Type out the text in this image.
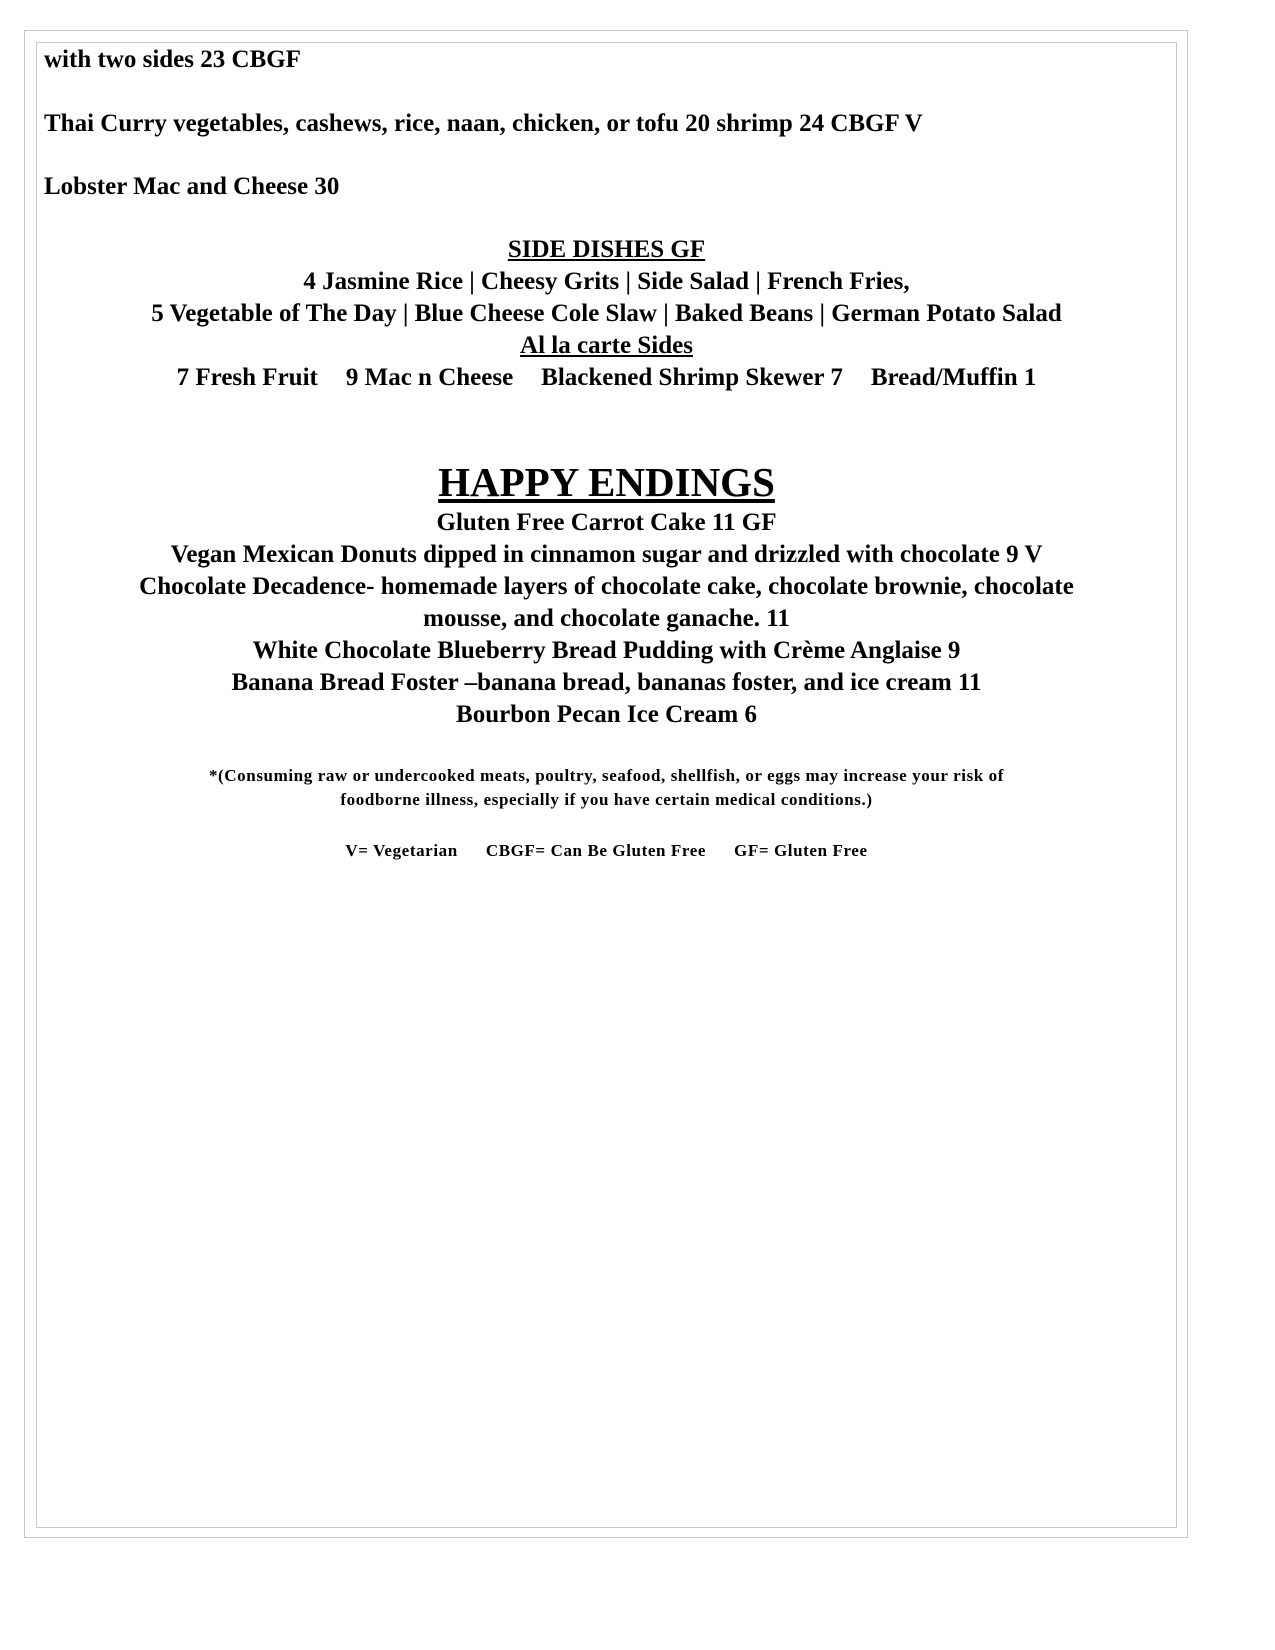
with two sides 23 CBGF
Thai Curry vegetables, cashews, rice, naan, chicken, or tofu 20 shrimp 24 CBGF V
Lobster Mac and Cheese 30
SIDE DISHES GF
4 Jasmine Rice | Cheesy Grits | Side Salad | French Fries,
5 Vegetable of The Day | Blue Cheese Cole Slaw | Baked Beans | German Potato Salad
Al la carte Sides
7 Fresh Fruit 9 Mac n Cheese Blackened Shrimp Skewer 7 Bread/Muffin 1
HAPPY ENDINGS
Gluten Free Carrot Cake 11 GF
Vegan Mexican Donuts dipped in cinnamon sugar and drizzled with chocolate 9 V
Chocolate Decadence- homemade layers of chocolate cake, chocolate brownie, chocolate
mousse, and chocolate ganache. 11
White Chocolate Blueberry Bread Pudding with Crème Anglaise 9
Banana Bread Foster –banana bread, bananas foster, and ice cream 11
Bourbon Pecan Ice Cream 6
*(Consuming raw or undercooked meats, poultry, seafood, shellfish, or eggs may increase your risk of
foodborne illness, especially if you have certain medical conditions.)
V= Vegetarian CBGF= Can Be Gluten Free GF= Gluten Free
